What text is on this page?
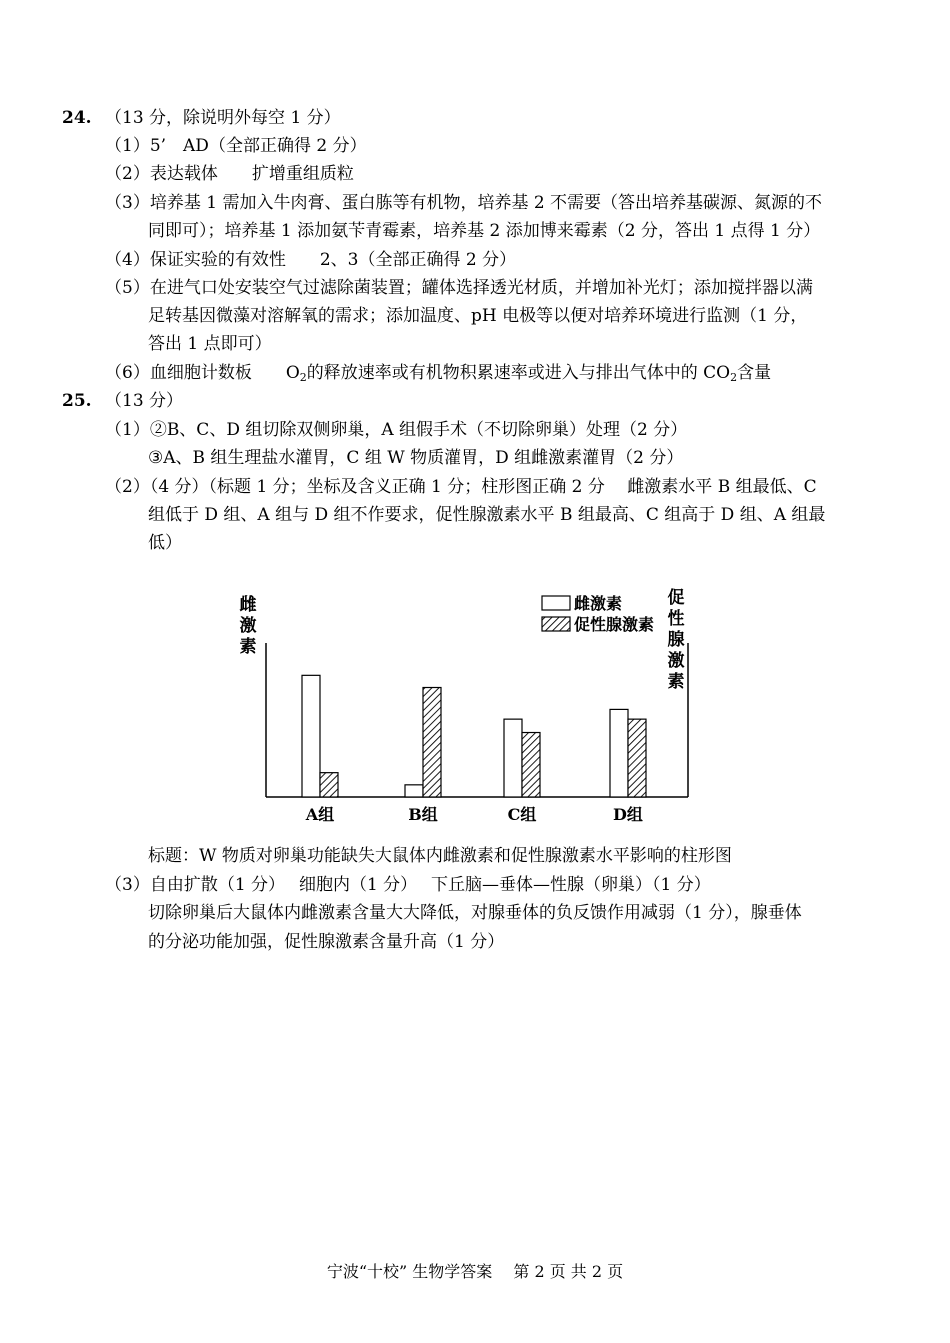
24. （13 分，除说明外每空 1 分）
（1）5’　AD（全部正确得 2 分）
（2）表达载体　　扩增重组质粒
（3）培养基 1 需加入牛肉膏、蛋白胨等有机物，培养基 2 不需要（答出培养基碳源、氮源的不
同即可）；培养基 1 添加氨苄青霉素，培养基 2 添加博来霉素（2 分，答出 1 点得 1 分）
（4）保证实验的有效性　　2、3（全部正确得 2 分）
（5）在进气口处安装空气过滤除菌装置；罐体选择透光材质，并增加补光灯；添加搅拌器以满
足转基因微藻对溶解氧的需求；添加温度、pH 电极等以便对培养环境进行监测（1 分，
答出 1 点即可）
（6）血细胞计数板　　$O_2$的释放速率或有机物积累速率或进入与排出气体中的 $CO_2$含量
25. （13 分）
（1）②B、C、D 组切除双侧卵巢，A 组假手术（不切除卵巢）处理（2 分）
③A、B 组生理盐水灌胃，C 组 W 物质灌胃，D 组雌激素灌胃（2 分）
（2）（4 分）（标题 1 分；坐标及含义正确 1 分；柱形图正确 2 分　 雌激素水平 B 组最低、C
组低于 D 组、A 组与 D 组不作要求，促性腺激素水平 B 组最高、C 组高于 D 组、A 组最
低）
雌
激
素
促
性
腺
激
素
A组	B组	C组	D组
雌激素
促性腺激素
标题：W 物质对卵巢功能缺失大鼠体内雌激素和促性腺激素水平影响的柱形图
（3）自由扩散（1 分）　 细胞内（1 分）　 下丘脑—垂体—性腺（卵巢）（1 分）
切除卵巢后大鼠体内雌激素含量大大降低，对腺垂体的负反馈作用减弱（1 分），腺垂体
的分泌功能加强，促性腺激素含量升高（1 分）
宁波“十校” 生物学答案　 第 2 页 共 2 页
